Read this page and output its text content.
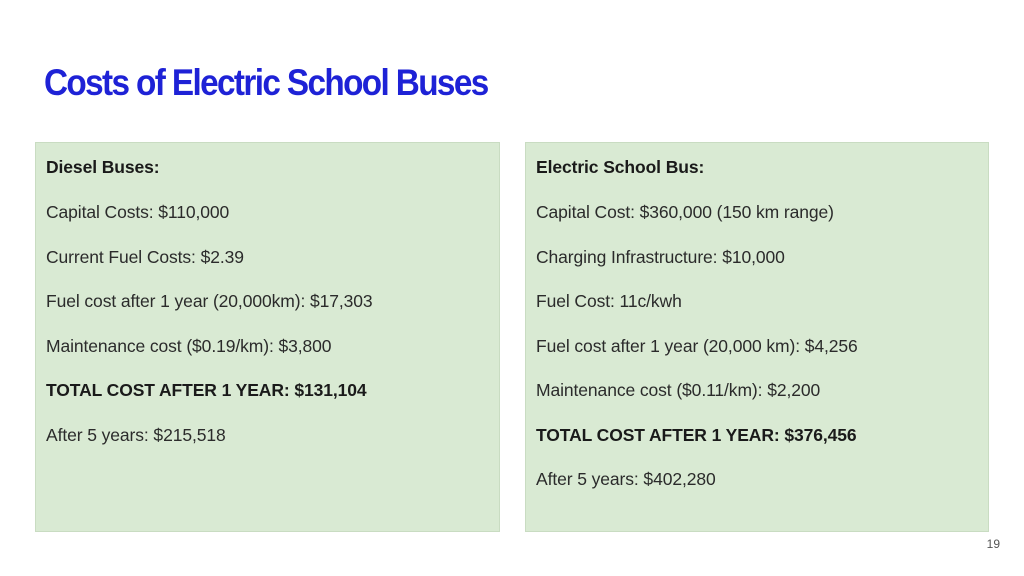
Costs of Electric School Buses
Diesel Buses:
Capital Costs: $110,000
Current Fuel Costs: $2.39
Fuel cost after 1 year (20,000km): $17,303
Maintenance cost ($0.19/km): $3,800
TOTAL COST AFTER 1 YEAR: $131,104
After 5 years: $215,518
Electric School Bus:
Capital Cost: $360,000 (150 km range)
Charging Infrastructure: $10,000
Fuel Cost: 11c/kwh
Fuel cost after 1 year (20,000 km): $4,256
Maintenance cost ($0.11/km): $2,200
TOTAL COST AFTER 1 YEAR: $376,456
After 5 years: $402,280
19
